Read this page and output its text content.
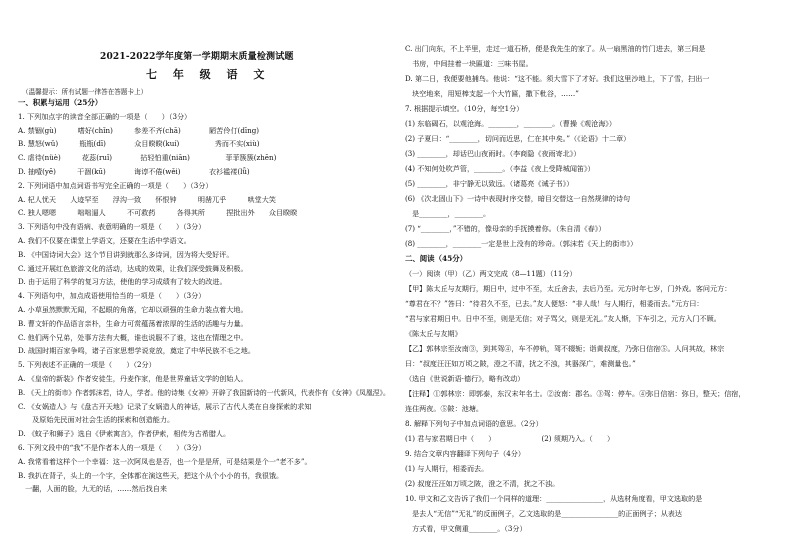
2021-2022学年度第一学期期末质量检测试题
七 年 级 语 文
（温馨提示：所有试题一律答在答题卡上）
一、积累与运用（25分）
1. 下列加点字的读音全部正确的一项是（　　）（3分）
A. 禁锢(gù)　　　嗜好(chǐn)　　　参差不齐(chā)　　　　陋苦伶仃(dīng)
B. 慧怒(wǔ)　　　瓶瓶(dī)　　　　众目睽睽(kuí)　　　　　秀而不实(xiù)
C. 虐待(nüè)　　　花蕊(ruǐ)　　　　拈轻怕重(niān)　　　　　菲菲簇簇(zhēn)
D. 抽噎(yē)　　　干涸(kū)　　　　诲谆不倦(wěi)　　　　衣衫褴褛(lǚ)
2. 下列词语中加点词语书写完全正确的一项是（　　）（3分）
A. 杞人忧天　　人迹罕至　　浮沟一致　　怀恨钟　　　明凿兀乎　　　哄堂大笑
C. 独人嗯嗯　　　咄咄逼人　　　不可救药　　　各得其所　　　捏批出外　　众目睽睽
3. 下列语句中没有语病、表意明确的一项是（　　）（3分）
A. 我们不仅要在课堂上学语文，还要在生活中学语文。
B. 《中国诗词大会》这个节目讲到就那么多诗词，因为将大受好评。
C. 通过开展红色旅游文化的活动，达成的效果，让我们深受鼓舞及积极。
D. 由于运用了科学的复习方法，使他的学习成绩有了较大的改进。
4. 下列语句中，加点成语使用恰当的一项是（　　）（3分）
A. 小草虽然默默无闻，不起眼的角落，它却以顽强的生命力装点着大地。
B. 曹文轩的作品语言亲朴，生命力可赏蕴荡着浓厚的生活的活趣与力量。
C. 他们两个兄弟，处事方法有大概，谁也说服不了谁，这也在情理之中。
D. 战国时期百家争鸣，诸子百家思想学说竞放，奠定了中华民族不毛之地。
5. 下列表述不正确的一项是（　　）（2分）
A. 《皇帝的新装》作者安徒生，丹麦作家，他是世界童话文学的创始人。
B. 《天上的街市》作者郭沫若，诗人，学者。他的诗集《女神》开辟了我国新诗的一代新风，代表作有《女神》《凤凰涅》。
C. 《女娲造人》与《盘古开天地》记录了女娲造人的神话，展示了古代人类在自身探索的求知
　　及原始先民面对社会生活的探索和创造能力。
D. 《蚊子和狮子》选自《伊索寓言》，作者伊索，相传为古希腊人。
6. 下列文段中的“我”不是作者本人的一项是（　　）（3分）
A. 我常看着这样个一个幸福：这一次阿凤也是否，也一个是是所，可是结果是个一“老不多”。
B. 我扒在背子，头上的一个字，全体都在演这些天，把这个从个小小的书，我很饿。
　一翻，人面的脸，九无的话，……然后找自来
C. 出门向东，不上半里，走过一道石桥，便是我先生的家了。从一扇黑油的竹门进去，第三间是
　书房，中间挂着一块匾道：三味书屋。
D. 第二日，我便要他捕鸟。他说：“这不能。须大雪下了才好。我们这里沙地上，下了雪，扫出一
　块空地来，用短棒支起一个大竹匾，撒下秕谷，……”
7. 根据提示填空。（10分，每空1分）
(1) 东临碣石，以观沧海。________，________。（曹操《观沧海》）
(2) 子夏曰：“________，切问而近思，仁在其中矣。”（《论语》十二章）
(3) ________，却话巴山夜雨时。（李商隐《夜雨寄北》）
(4) 不知何处吹芦管，________。（李益《夜上受降城闻笛》）
(5) ________，非宁静无以致远。（诸葛亮《诫子书》）
(6) 《次北固山下》一诗中表现时序交替，暗目交替这一自然规律的诗句
　是________，________。
(7) “________，”不错的，像母亲的手抚摸着你。（朱自清《春》）
(8) ________，________一定是世上没有的珍奇。（郭沫若《天上的街市》）
二、阅读（45分）
（一）阅读（甲）（乙）两文完成（8—11题）（11分）
【甲】陈太丘与友期行，期日中，过中不至，太丘舍去，去后乃至。元方时年七岁，门外戏。客问元方：
“尊君在不？”答曰：“待君久不至，已去。”友人便怒：“非人哉！与人期行，相委而去。”元方曰：
“君与家君期日中。日中不至，则是无信；对子骂父，则是无礼。”友人惭，下车引之，元方入门不顾。
《陈太丘与友期》
【乙】郭林宗至汝南③，到其驾④，车不停轨，驾不辍轭；诣黄叔度，乃弥日信宿⑤。人问其故，林宗
曰：“叔度汪汪如万顷之陂，澄之不清，扰之不浊，其器深广，难测量也。”
（选自《世说新语·德行》，略有改动）
【注释】①郭林宗：即郭泰，东汉末年名士。②汝南：郡名。③驾：停车。④弥日信宿：弥日，整天；信宿，
连住两夜。⑤陂：池塘。
8. 解释下列句子中加点词语的意思。（2分）
(1) 君与家君期日中（　　）　　　　　　　(2) 须期乃入。（　　）
9. 结合文章内容翻译下列句子（4分）
(1) 与人期行，相委而去。
(2) 叔度汪汪如万顷之陂，澄之不清，扰之不浊。
10. 甲文和乙文告诉了我们一个同样的道理：________________，从选材角度看，甲文选取的是
　是去人“无信”“无礼”的反面例子，乙文选取的是________________的正面例子；从表达
　方式看，甲文侧重________。（3分）
